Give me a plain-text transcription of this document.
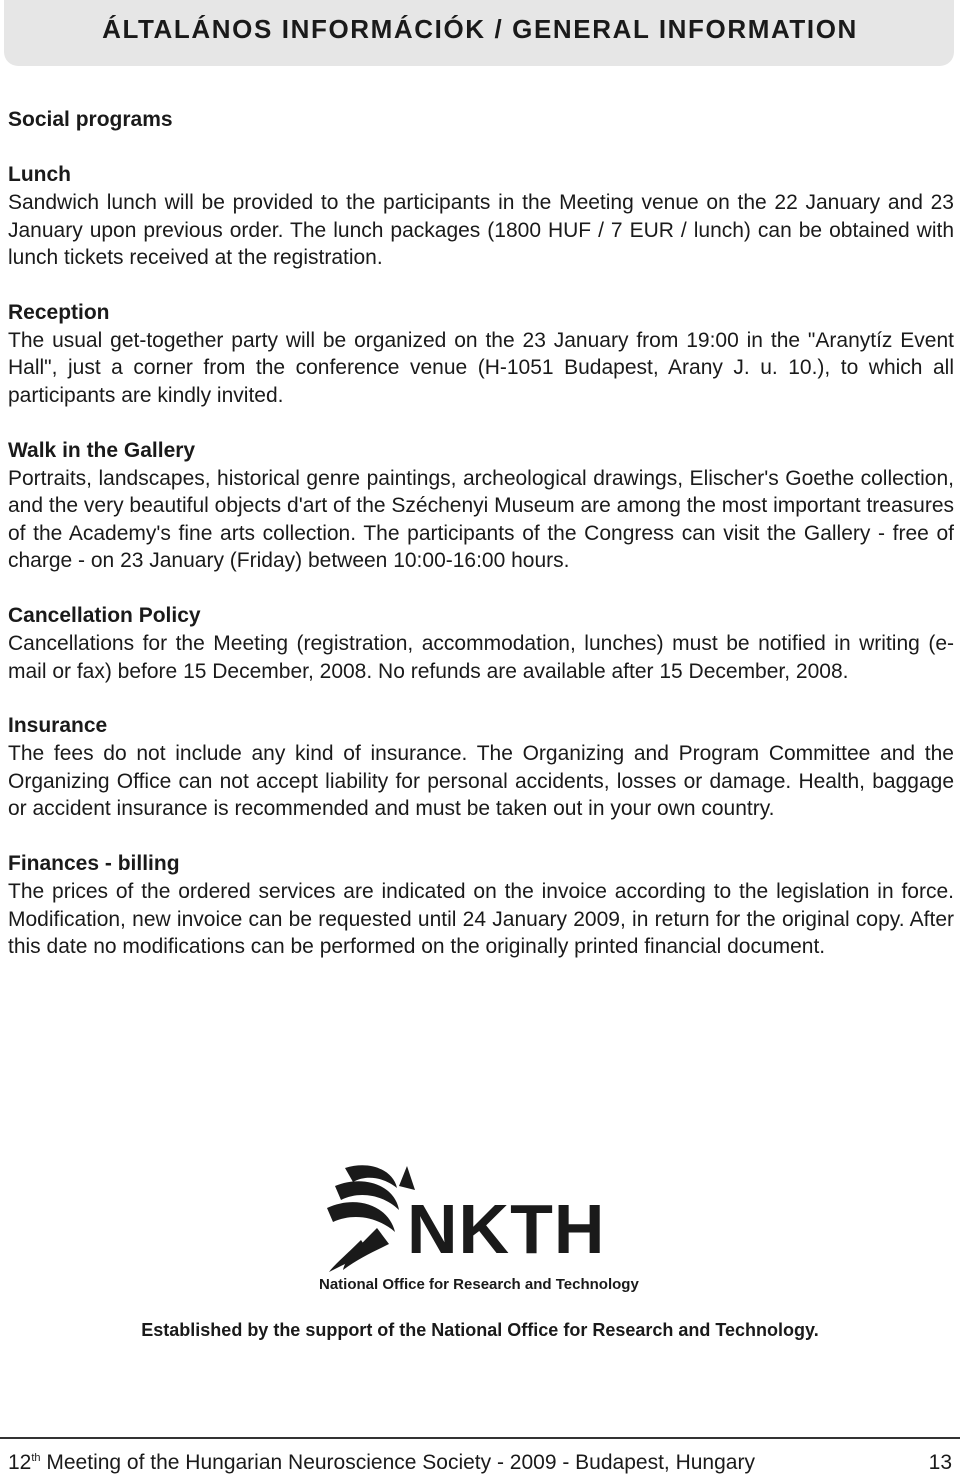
ÁLTALÁNOS INFORMÁCIÓK / GENERAL INFORMATION
Social programs
Lunch

Sandwich lunch will be provided to the participants in the Meeting venue on the 22 January and 23 January upon previous order. The lunch packages (1800 HUF / 7 EUR / lunch) can be obtained with lunch tickets received at the registration.

Reception

The usual get-together party will be organized on the 23 January from 19:00 in the "Aranytíz Event Hall", just a corner from the conference venue (H-1051 Budapest, Arany J. u. 10.), to which all participants are kindly invited.

Walk in the Gallery

Portraits, landscapes, historical genre paintings, archeological drawings, Elischer's Goethe collection, and the very beautiful objects d'art of the Széchenyi Museum are among the most important treasures of the Academy's fine arts collection. The participants of the Congress can visit the Gallery - free of charge - on 23 January (Friday) between 10:00-16:00 hours.

Cancellation Policy

Cancellations for the Meeting (registration, accommodation, lunches) must be notified in writing (e-mail or fax) before 15 December, 2008. No refunds are available after 15 December, 2008.

Insurance

The fees do not include any kind of insurance. The Organizing and Program Committee and the Organizing Office can not accept liability for personal accidents, losses or damage. Health, baggage or accident insurance is recommended and must be taken out in your own country.

Finances - billing

The prices of the ordered services are indicated on the invoice according to the legislation in force. Modification, new invoice can be requested until 24 January 2009, in return for the original copy. After this date no modifications can be performed on the originally printed financial document.

NKTH
National Office for Research and Technology
Established by the support of the National Office for Research and Technology.
12th Meeting of the Hungarian Neuroscience Society - 2009 - Budapest, Hungary	13
